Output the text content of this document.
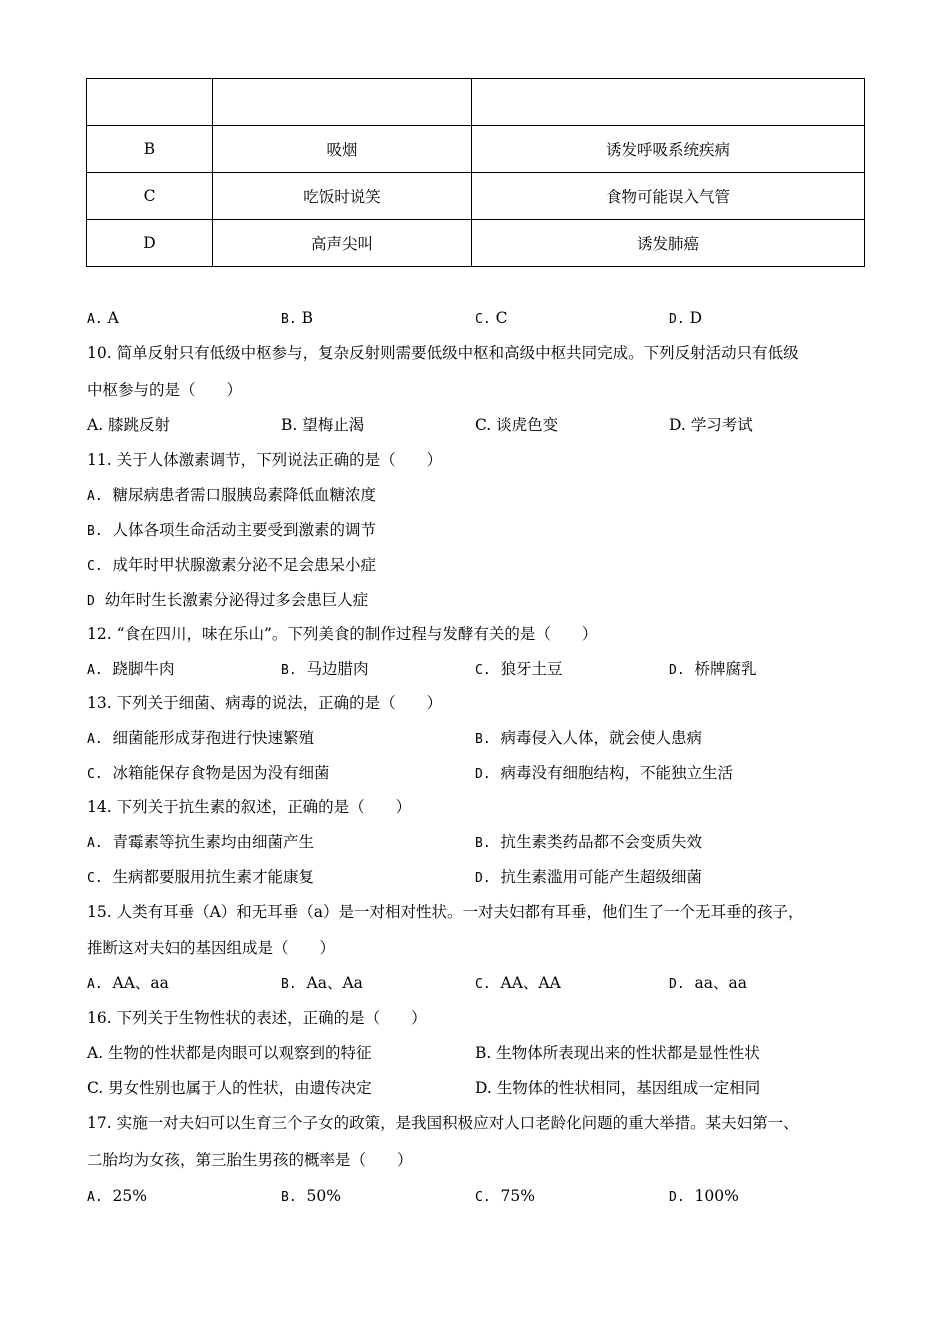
B	吸烟	诱发呼吸系统疾病
C	吃饭时说笑	食物可能误入气管
D	高声尖叫	诱发肺癌
A. A	B. B	C. C	D. D
10. 简单反射只有低级中枢参与，复杂反射则需要低级中枢和高级中枢共同完成。下列反射活动只有低级
中枢参与的是（　　）
A. 膝跳反射	B. 望梅止渴	C. 谈虎色变	D. 学习考试
11. 关于人体激素调节，下列说法正确的是（　　）
A. 糖尿病患者需口服胰岛素降低血糖浓度
B. 人体各项生命活动主要受到激素的调节
C. 成年时甲状腺激素分泌不足会患呆小症
D 幼年时生长激素分泌得过多会患巨人症
12. “食在四川，味在乐山”。下列美食的制作过程与发酵有关的是（　　）
A. 跷脚牛肉	B. 马边腊肉	C. 狼牙土豆	D. 桥牌腐乳
13. 下列关于细菌、病毒的说法，正确的是（　　）
A. 细菌能形成芽孢进行快速繁殖	B. 病毒侵入人体，就会使人患病
C. 冰箱能保存食物是因为没有细菌	D. 病毒没有细胞结构，不能独立生活
14. 下列关于抗生素的叙述，正确的是（　　）
A. 青霉素等抗生素均由细菌产生	B. 抗生素类药品都不会变质失效
C. 生病都要服用抗生素才能康复	D. 抗生素滥用可能产生超级细菌
15. 人类有耳垂（A）和无耳垂（a）是一对相对性状。一对夫妇都有耳垂，他们生了一个无耳垂的孩子，
推断这对夫妇的基因组成是（　　）
A. AA、aa	B. Aa、Aa	C. AA、AA	D. aa、aa
16. 下列关于生物性状的表述，正确的是（　　）
A. 生物的性状都是肉眼可以观察到的特征	B. 生物体所表现出来的性状都是显性性状
C. 男女性别也属于人的性状，由遗传决定	D. 生物体的性状相同，基因组成一定相同
17. 实施一对夫妇可以生育三个子女的政策，是我国积极应对人口老龄化问题的重大举措。某夫妇第一、
二胎均为女孩，第三胎生男孩的概率是（　　）
A. 25%	B. 50%	C. 75%	D. 100%
